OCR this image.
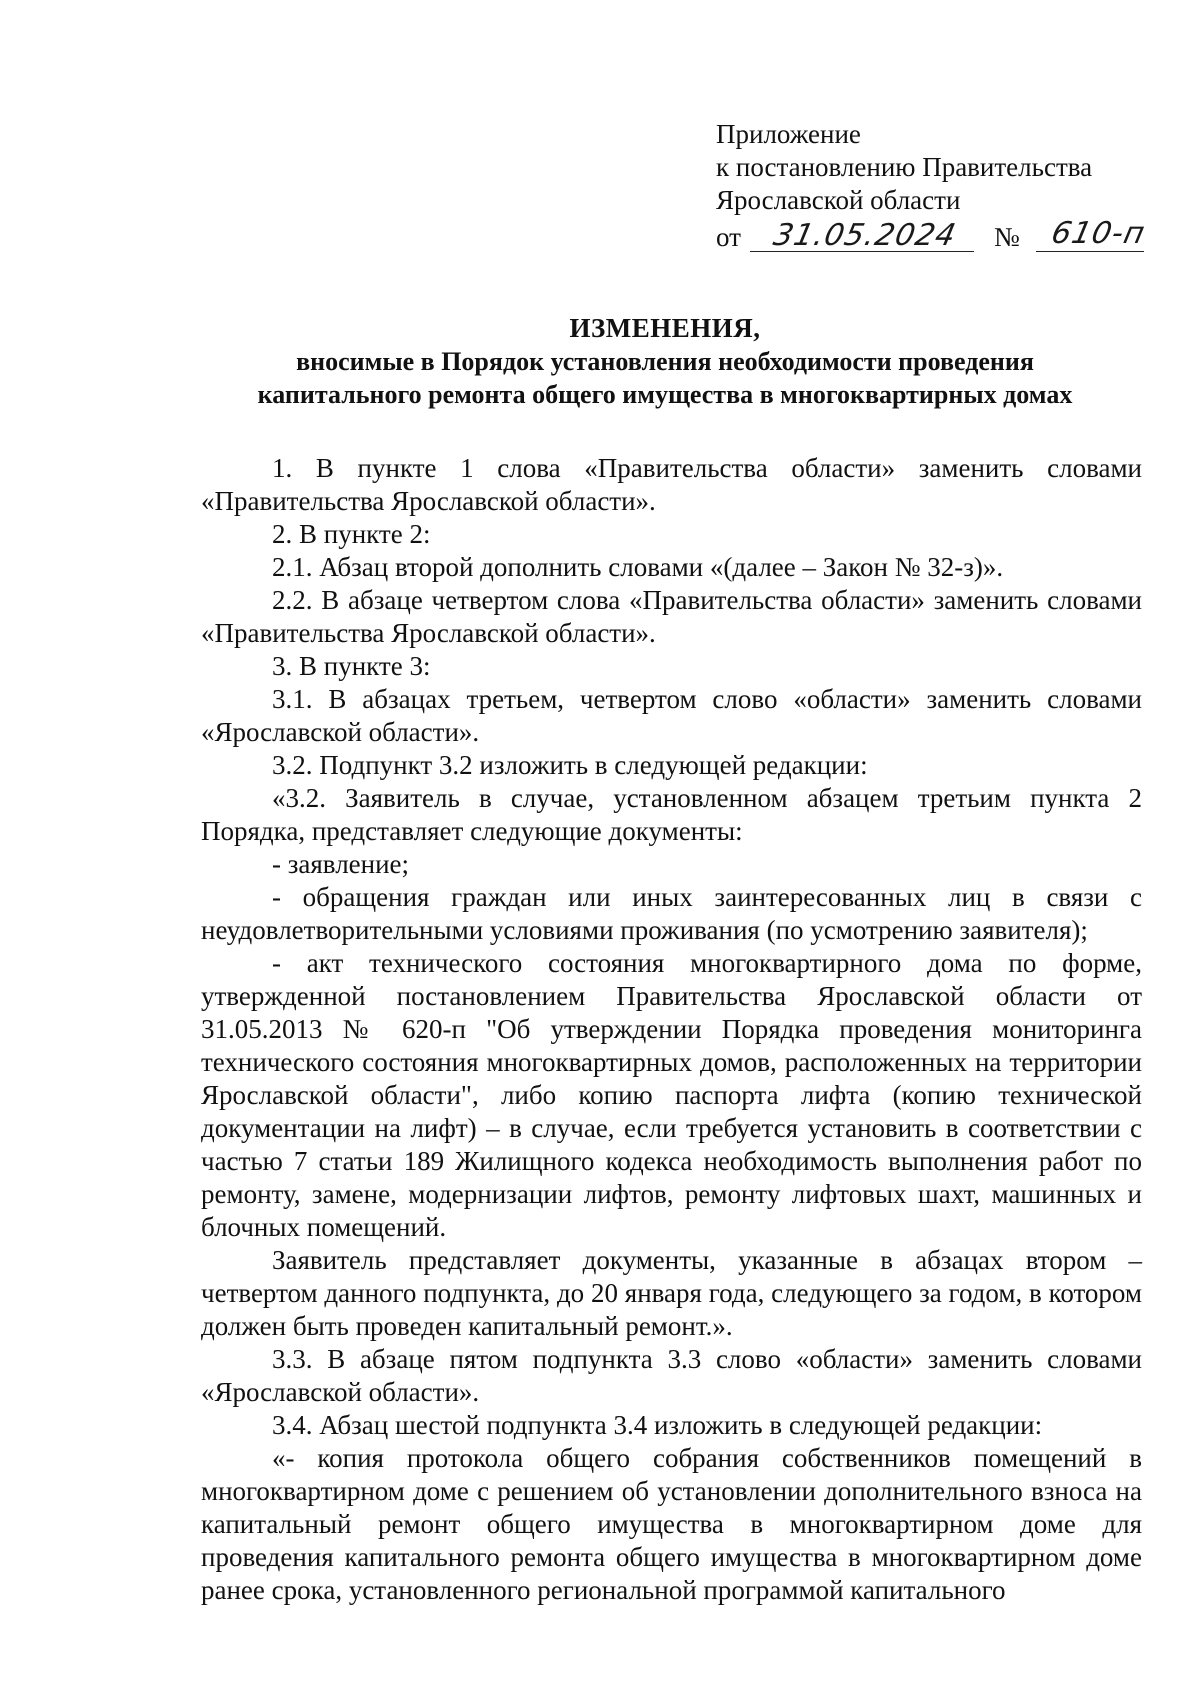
Приложение
к постановлению Правительства
Ярославской области
от 31.05.2024 № 610-п
ИЗМЕНЕНИЯ,
вносимые в Порядок установления необходимости проведения
капитального ремонта общего имущества в многоквартирных домах

1. В пункте 1 слова «Правительства области» заменить словами «Правительства Ярославской области».

2. В пункте 2:

2.1. Абзац второй дополнить словами «(далее – Закон № 32-з)».

2.2. В абзаце четвертом слова «Правительства области» заменить словами «Правительства Ярославской области».

3. В пункте 3:

3.1. В абзацах третьем, четвертом слово «области» заменить словами «Ярославской области».

3.2. Подпункт 3.2 изложить в следующей редакции:

«3.2. Заявитель в случае, установленном абзацем третьим пункта 2 Порядка, представляет следующие документы:

- заявление;

- обращения граждан или иных заинтересованных лиц в связи с неудовлетворительными условиями проживания (по усмотрению заявителя);

- акт технического состояния многоквартирного дома по форме, утвержденной постановлением Правительства Ярославской области от 31.05.2013 № 620-п "Об утверждении Порядка проведения мониторинга технического состояния многоквартирных домов, расположенных на территории Ярославской области", либо копию паспорта лифта (копию технической документации на лифт) – в случае, если требуется установить в соответствии с частью 7 статьи 189 Жилищного кодекса необходимость выполнения работ по ремонту, замене, модернизации лифтов, ремонту лифтовых шахт, машинных и блочных помещений.

Заявитель представляет документы, указанные в абзацах втором – четвертом данного подпункта, до 20 января года, следующего за годом, в котором должен быть проведен капитальный ремонт.».

3.3. В абзаце пятом подпункта 3.3 слово «области» заменить словами «Ярославской области».

3.4. Абзац шестой подпункта 3.4 изложить в следующей редакции:

«- копия протокола общего собрания собственников помещений в многоквартирном доме с решением об установлении дополнительного взноса на капитальный ремонт общего имущества в многоквартирном доме для проведения капитального ремонта общего имущества в многоквартирном доме ранее срока, установленного региональной программой капитального
